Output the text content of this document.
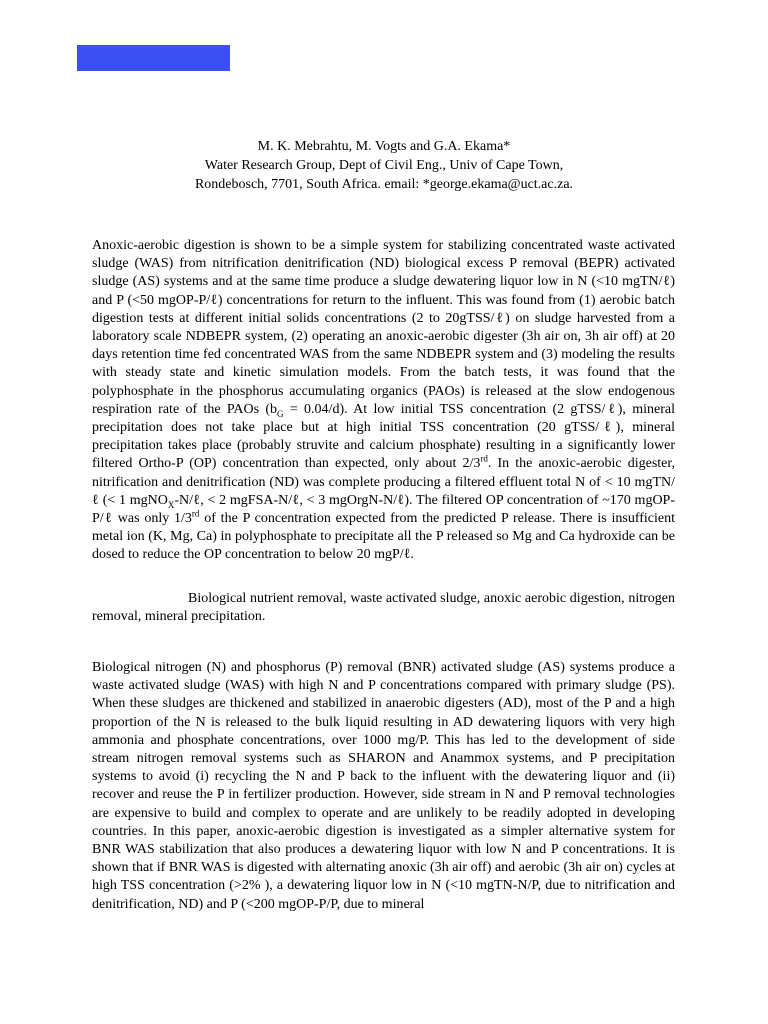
M. K. Mebrahtu, M. Vogts and G.A. Ekama*
Water Research Group, Dept of Civil Eng., Univ of Cape Town,
Rondebosch, 7701, South Africa. email: *george.ekama@uct.ac.za.

Anoxic-aerobic digestion is shown to be a simple system for stabilizing concentrated waste activated sludge (WAS) from nitrification denitrification (ND) biological excess P removal (BEPR) activated sludge (AS) systems and at the same time produce a sludge dewatering liquor low in N (<10 mgTN/ℓ) and P (<50 mgOP-P/ℓ) concentrations for return to the influent. This was found from (1) aerobic batch digestion tests at different initial solids concentrations (2 to 20gTSS/ℓ) on sludge harvested from a laboratory scale NDBEPR system, (2) operating an anoxic-aerobic digester (3h air on, 3h air off) at 20 days retention time fed concentrated WAS from the same NDBEPR system and (3) modeling the results with steady state and kinetic simulation models. From the batch tests, it was found that the polyphosphate in the phosphorus accumulating organics (PAOs) is released at the slow endogenous respiration rate of the PAOs $(b_G = 0.04/d)$. At low initial TSS concentration (2 gTSS/ℓ), mineral precipitation does not take place but at high initial TSS concentration (20 gTSS/ℓ), mineral precipitation takes place (probably struvite and calcium phosphate) resulting in a significantly lower filtered Ortho-P (OP) concentration than expected, only about 2/3rd. In the anoxic-aerobic digester, nitrification and denitrification (ND) was complete producing a filtered effluent total N of < 10 mgTN/ℓ (< 1 mgNO$_X$-N/ℓ, < 2 mgFSA-N/ℓ, < 3 mgOrgN-N/ℓ). The filtered OP concentration of ~170 mgOP-P/ℓ was only 1/3rd of the P concentration expected from the predicted P release. There is insufficient metal ion (K, Mg, Ca) in polyphosphate to precipitate all the P released so Mg and Ca hydroxide can be dosed to reduce the OP concentration to below 20 mgP/ℓ.

Biological nutrient removal, waste activated sludge, anoxic aerobic digestion, nitrogen removal, mineral precipitation.

Biological nitrogen (N) and phosphorus (P) removal (BNR) activated sludge (AS) systems produce a waste activated sludge (WAS) with high N and P concentrations compared with primary sludge (PS). When these sludges are thickened and stabilized in anaerobic digesters (AD), most of the P and a high proportion of the N is released to the bulk liquid resulting in AD dewatering liquors with very high ammonia and phosphate concentrations, over 1000 mg/P. This has led to the development of side stream nitrogen removal systems such as SHARON and Anammox systems, and P precipitation systems to avoid (i) recycling the N and P back to the influent with the dewatering liquor and (ii) recover and reuse the P in fertilizer production. However, side stream in N and P removal technologies are expensive to build and complex to operate and are unlikely to be readily adopted in developing countries. In this paper, anoxic-aerobic digestion is investigated as a simpler alternative system for BNR WAS stabilization that also produces a dewatering liquor with low N and P concentrations. It is shown that if BNR WAS is digested with alternating anoxic (3h air off) and aerobic (3h air on) cycles at high TSS concentration (>2% ), a dewatering liquor low in N (<10 mgTN-N/P, due to nitrification and denitrification, ND) and P (<200 mgOP-P/P, due to mineral
